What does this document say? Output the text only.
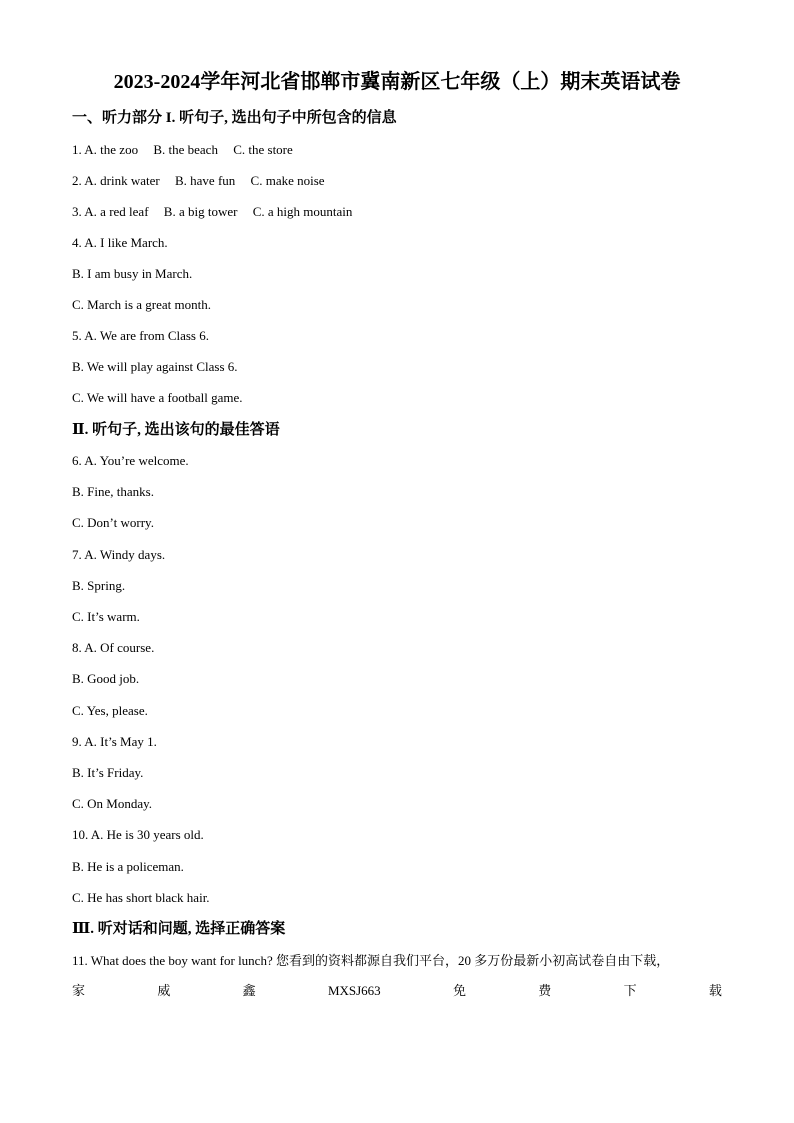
2023-2024学年河北省邯郸市冀南新区七年级（上）期末英语试卷
一、听力部分 I. 听句子, 选出句子中所包含的信息
1. A. the zoo B. the beach C. the store
2. A. drink water B. have fun C. make noise
3. A. a red leaf B. a big tower C. a high mountain
4. A. I like March.
B. I am busy in March.
C. March is a great month.
5. A. We are from Class 6.
B. We will play against Class 6.
C. We will have a football game.
Ⅱ. 听句子, 选出该句的最佳答语
6. A. You’re welcome.
B. Fine, thanks.
C. Don’t worry.
7. A. Windy days.
B. Spring.
C. It’s warm.
8. A. Of course.
B. Good job.
C. Yes, please.
9. A. It’s May 1.
B. It’s Friday.
C. On Monday.
10. A. He is 30 years old.
B. He is a policeman.
C. He has short black hair.
Ⅲ. 听对话和问题, 选择正确答案
11. What does the boy want for lunch? 您看到的资料都源自我们平台，20 多万份最新小初高试卷自由下载，
家	威	鑫	MXSJ663	免	费	下	载
